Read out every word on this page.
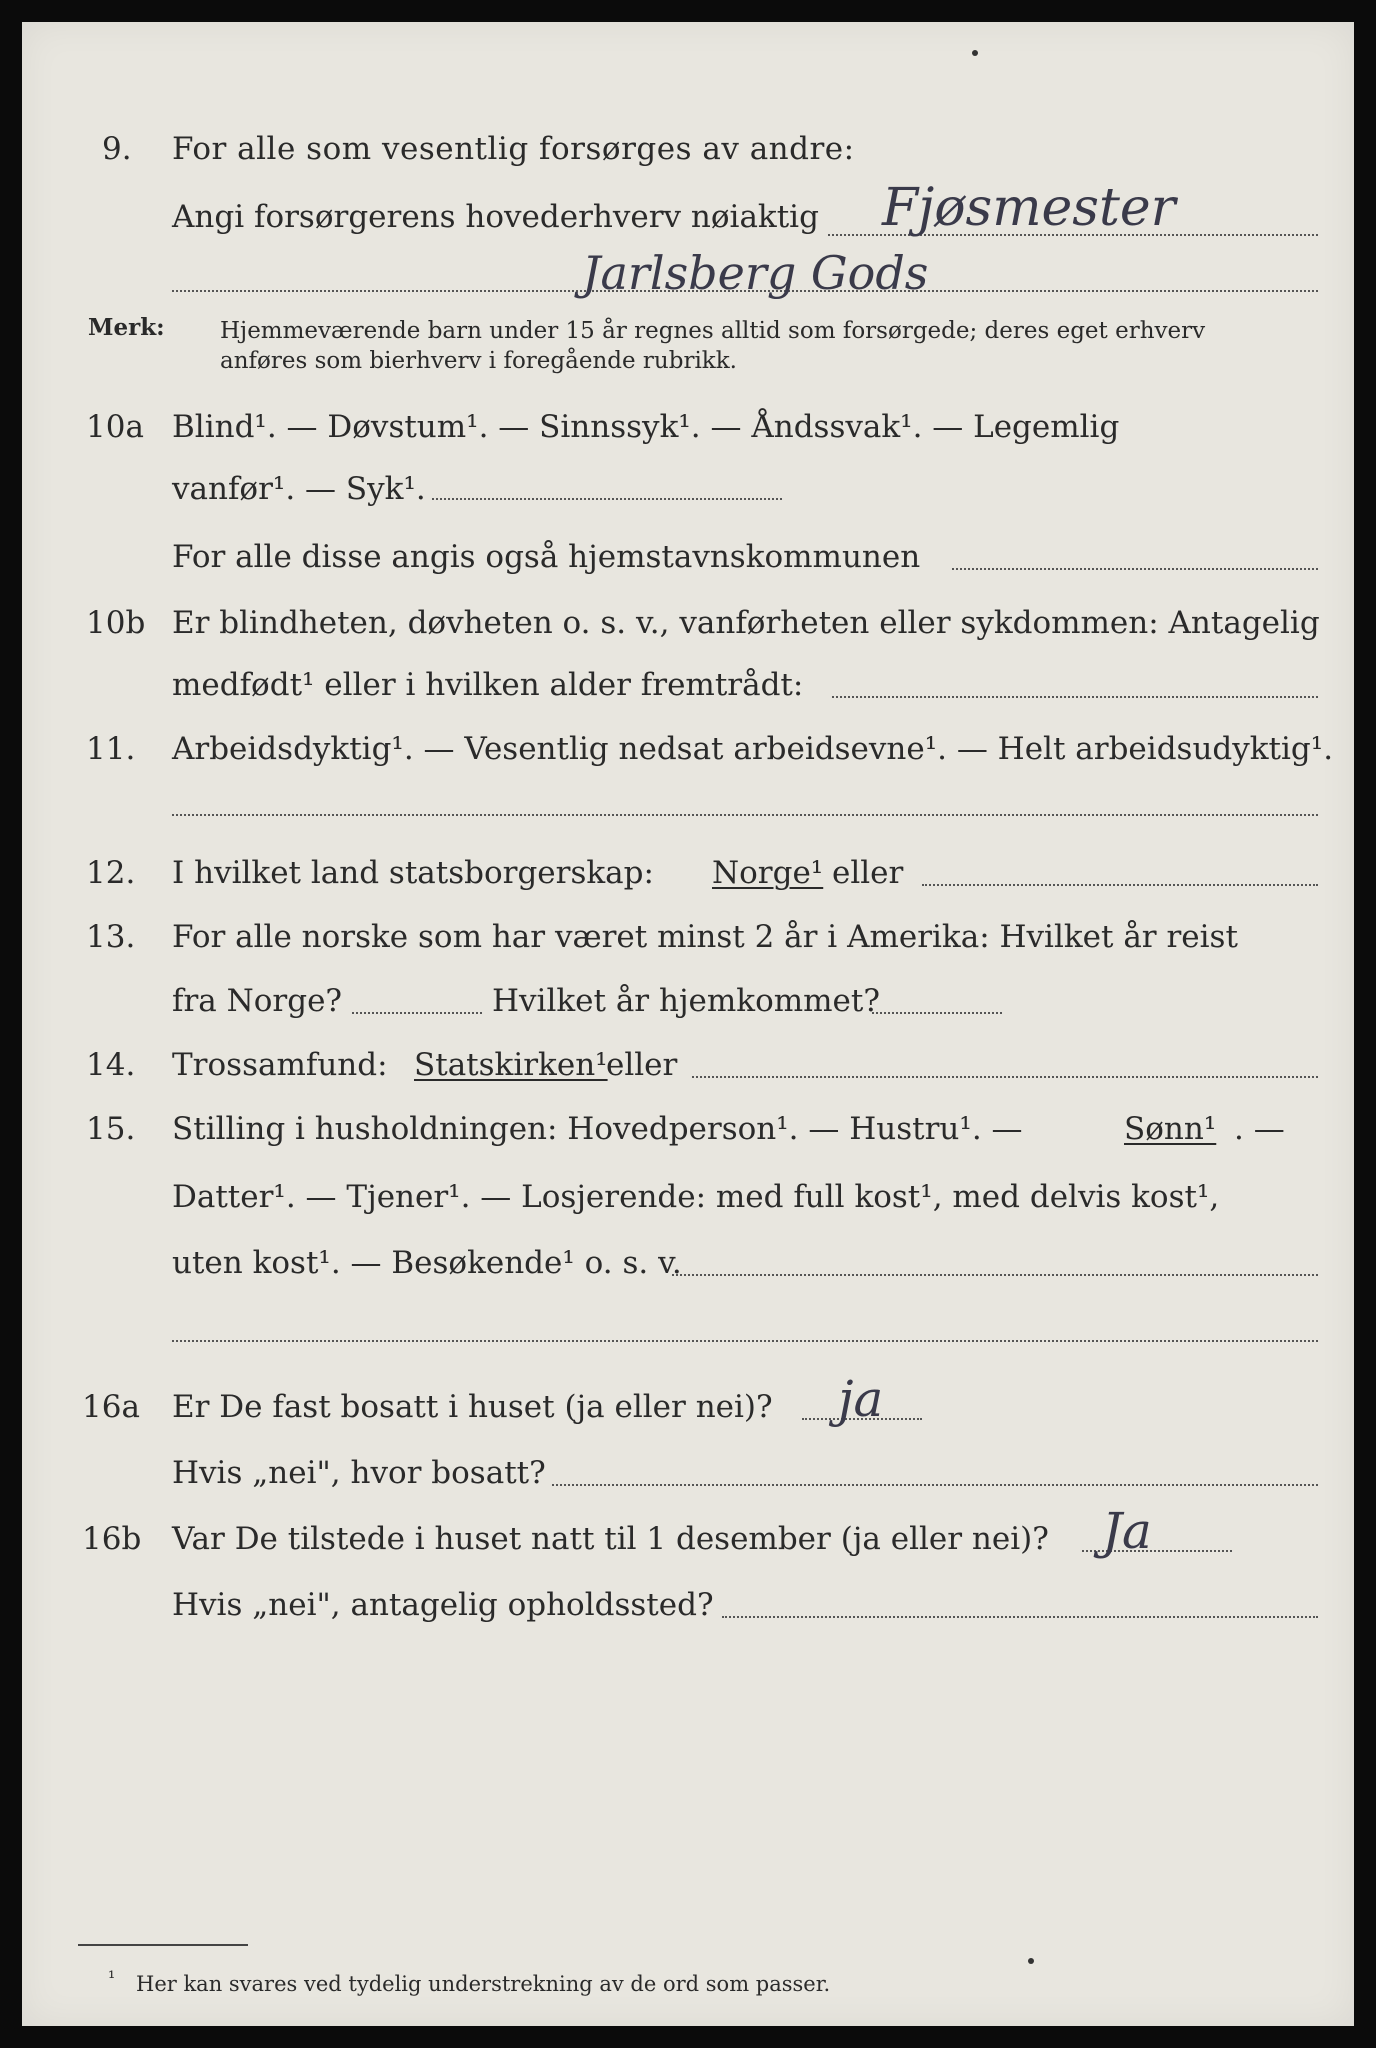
9. For alle som vesentlig forsørges av andre:
Angi forsørgerens hovederhverv nøiaktig Fjøsmester
Jarlsberg Gods
Merk: Hjemmeværende barn under 15 år regnes alltid som forsørgede; deres eget erhverv
anføres som bierhverv i foregående rubrikk.
10a Blind¹. — Døvstum¹. — Sinnssyk¹. — Åndssvak¹. — Legemlig
vanfør¹. — Syk¹.
For alle disse angis også hjemstavnskommunen
10b Er blindheten, døvheten o. s. v., vanførheten eller sykdommen: Antagelig
medfødt¹ eller i hvilken alder fremtrådt:
11. Arbeidsdyktig¹. — Vesentlig nedsat arbeidsevne¹. — Helt arbeidsudyktig¹.
12. I hvilket land statsborgerskap: Norge¹ eller
13. For alle norske som har været minst 2 år i Amerika: Hvilket år reist
fra Norge?	Hvilket år hjemkommet?
14. Trossamfund: Statskirken¹
eller
15. Stilling i husholdningen: Hovedperson¹. — Hustru¹. —	Sønn¹ . —
Datter¹. — Tjener¹. — Losjerende: med full kost¹, med delvis kost¹,
uten kost¹. — Besøkende¹ o. s. v.
16a Er De fast bosatt i huset (ja eller nei)? ja
Hvis „nei", hvor bosatt?
16b Var De tilstede i huset natt til 1 desember (ja eller nei)? Ja
Hvis „nei", antagelig opholdssted?
¹ Her kan svares ved tydelig understrekning av de ord som passer.
